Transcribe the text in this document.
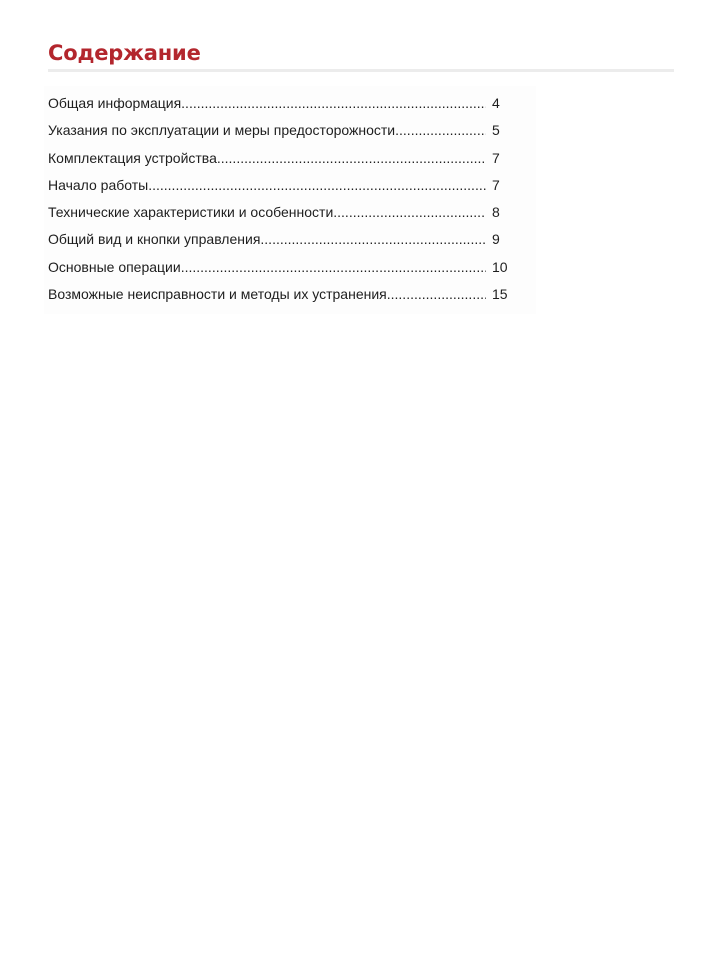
Содержание
Общая информация .....	4
Указания по эксплуатации и меры предосторожности .....	5
Комплектация устройства .....	7
Начало работы .....	7
Технические характеристики и особенности .....	8
Общий вид и кнопки управления .....	9
Основные операции .....	10
Возможные неисправности и методы их устранения .....	15
